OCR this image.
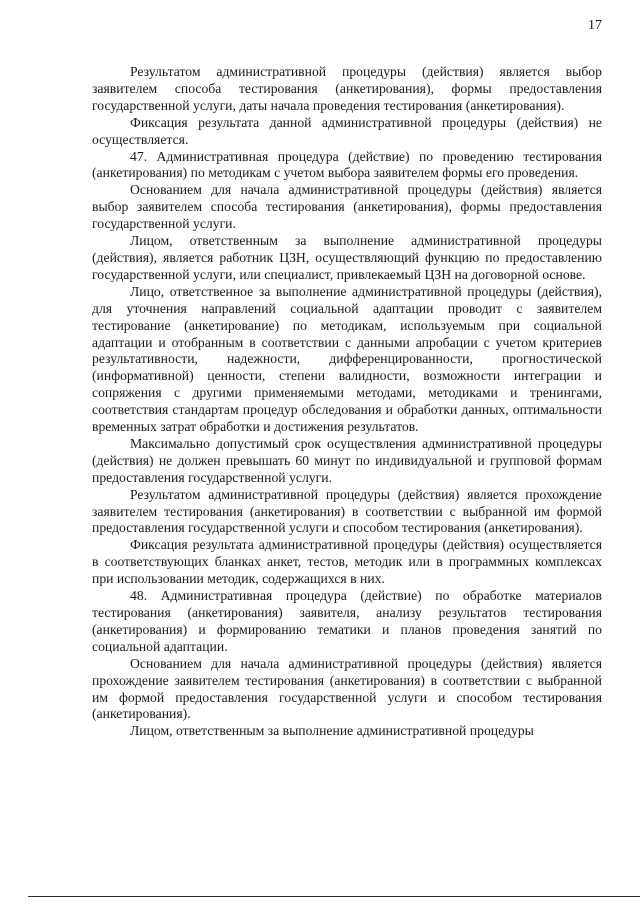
17

Результатом административной процедуры (действия) является выбор заявителем способа тестирования (анкетирования), формы предоставления государственной услуги, даты начала проведения тестирования (анкетирования).

Фиксация результата данной административной процедуры (действия) не осуществляется.

47. Административная процедура (действие) по проведению тестирования (анкетирования) по методикам с учетом выбора заявителем формы его проведения.

Основанием для начала административной процедуры (действия) является выбор заявителем способа тестирования (анкетирования), формы предоставления государственной услуги.

Лицом, ответственным за выполнение административной процедуры (действия), является работник ЦЗН, осуществляющий функцию по предоставлению государственной услуги, или специалист, привлекаемый ЦЗН на договорной основе.

Лицо, ответственное за выполнение административной процедуры (действия), для уточнения направлений социальной адаптации проводит с заявителем тестирование (анкетирование) по методикам, используемым при социальной адаптации и отобранным в соответствии с данными апробации с учетом критериев результативности, надежности, дифференцированности, прогностической (информативной) ценности, степени валидности, возможности интеграции и сопряжения с другими применяемыми методами, методиками и тренингами, соответствия стандартам процедур обследования и обработки данных, оптимальности временных затрат обработки и достижения результатов.

Максимально допустимый срок осуществления административной процедуры (действия) не должен превышать 60 минут по индивидуальной и групповой формам предоставления государственной услуги.

Результатом административной процедуры (действия) является прохождение заявителем тестирования (анкетирования) в соответствии с выбранной им формой предоставления государственной услуги и способом тестирования (анкетирования).

Фиксация результата административной процедуры (действия) осуществляется в соответствующих бланках анкет, тестов, методик или в программных комплексах при использовании методик, содержащихся в них.

48. Административная процедура (действие) по обработке материалов тестирования (анкетирования) заявителя, анализу результатов тестирования (анкетирования) и формированию тематики и планов проведения занятий по социальной адаптации.

Основанием для начала административной процедуры (действия) является прохождение заявителем тестирования (анкетирования) в соответствии с выбранной им формой предоставления государственной услуги и способом тестирования (анкетирования).

Лицом, ответственным за выполнение административной процедуры
